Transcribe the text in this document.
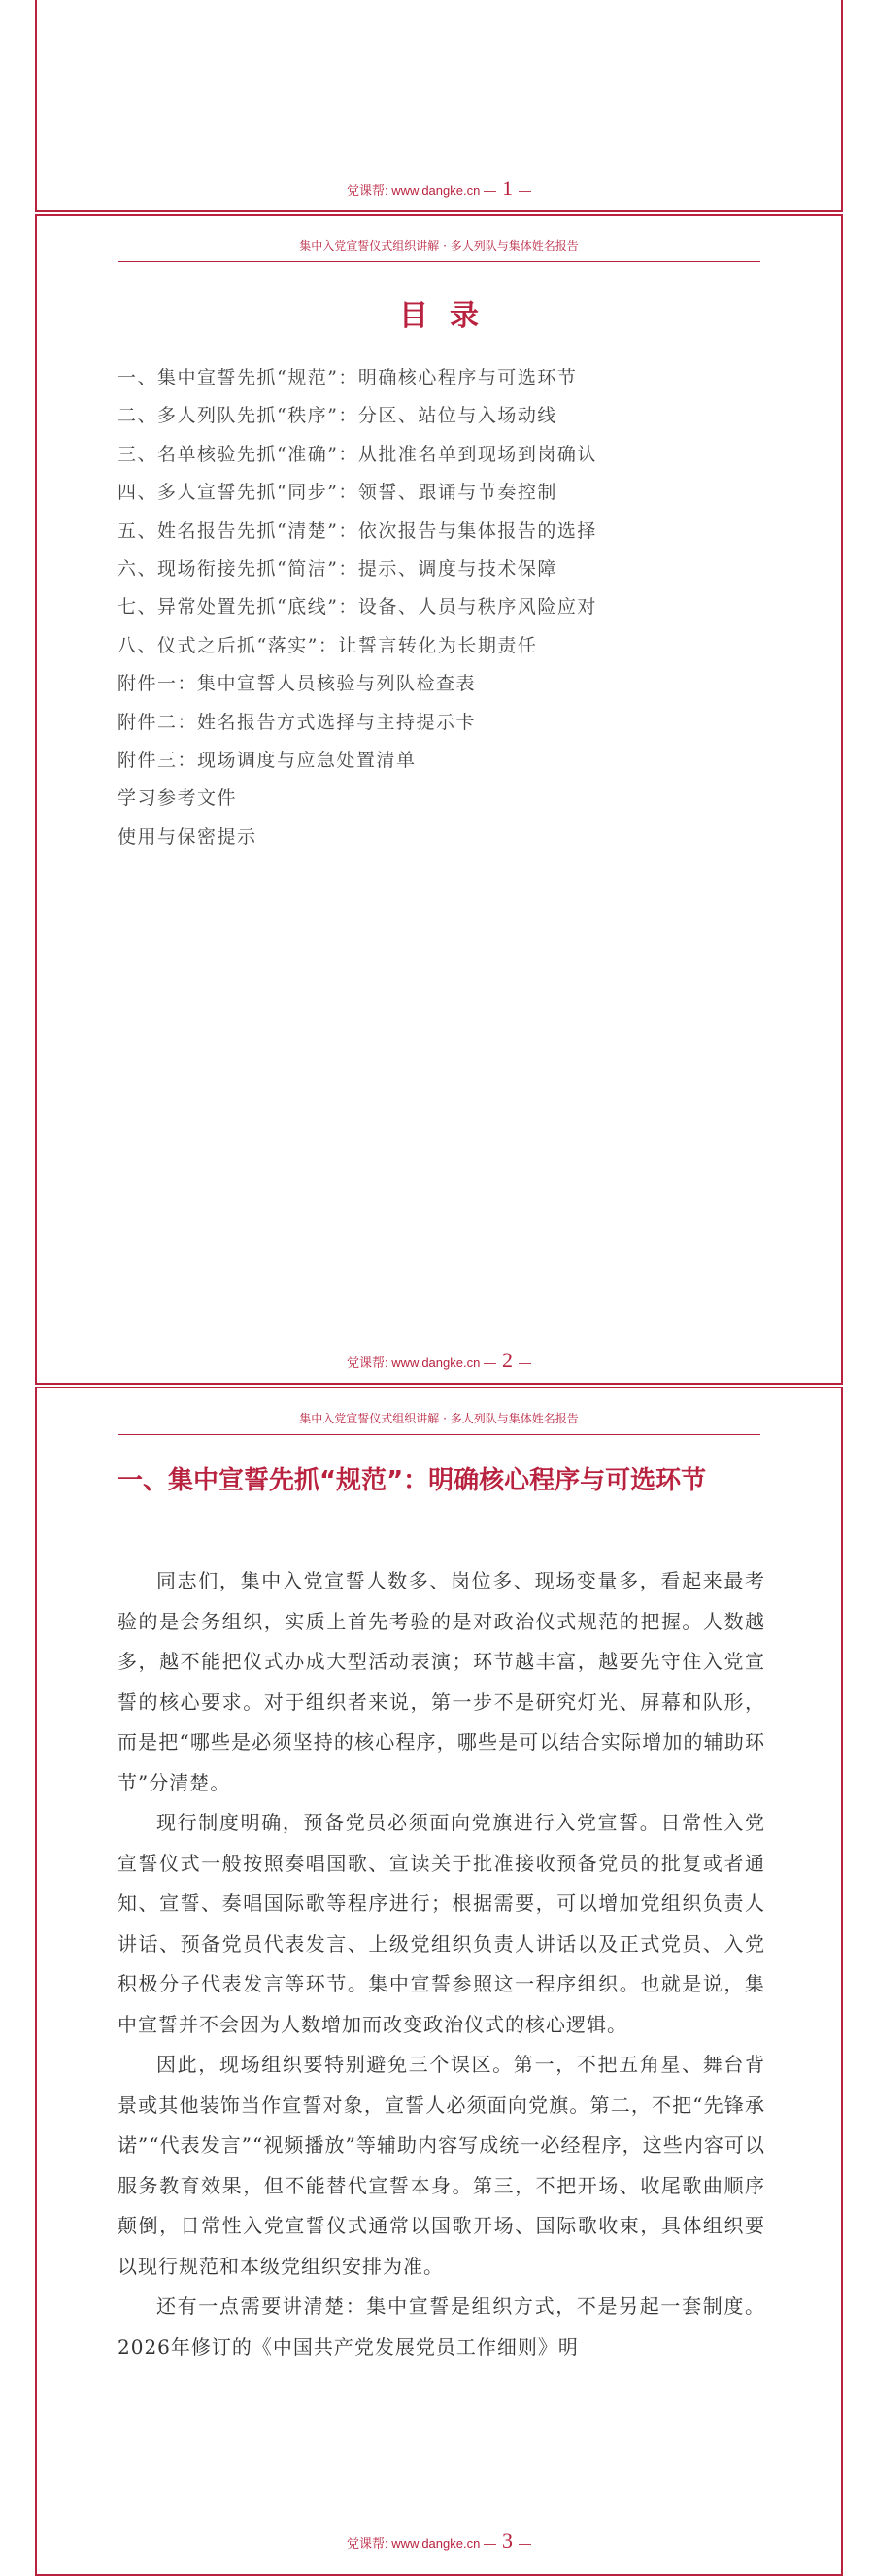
党课帮: www.dangke.cn — 1 —
集中入党宣誓仪式组织讲解 · 多人列队与集体姓名报告
目录
一、集中宣誓先抓“规范”：明确核心程序与可选环节
二、多人列队先抓“秩序”：分区、站位与入场动线
三、名单核验先抓“准确”：从批准名单到现场到岗确认
四、多人宣誓先抓“同步”：领誓、跟诵与节奏控制
五、姓名报告先抓“清楚”：依次报告与集体报告的选择
六、现场衔接先抓“简洁”：提示、调度与技术保障
七、异常处置先抓“底线”：设备、人员与秩序风险应对
八、仪式之后抓“落实”：让誓言转化为长期责任
附件一：集中宣誓人员核验与列队检查表
附件二：姓名报告方式选择与主持提示卡
附件三：现场调度与应急处置清单
学习参考文件
使用与保密提示
党课帮: www.dangke.cn — 2 —
集中入党宣誓仪式组织讲解 · 多人列队与集体姓名报告
一、集中宣誓先抓“规范”：明确核心程序与可选环节

同志们，集中入党宣誓人数多、岗位多、现场变量多，看起来最考验的是会务组织，实质上首先考验的是对政治仪式规范的把握。人数越多，越不能把仪式办成大型活动表演；环节越丰富，越要先守住入党宣誓的核心要求。对于组织者来说，第一步不是研究灯光、屏幕和队形，而是把“哪些是必须坚持的核心程序，哪些是可以结合实际增加的辅助环节”分清楚。

现行制度明确，预备党员必须面向党旗进行入党宣誓。日常性入党宣誓仪式一般按照奏唱国歌、宣读关于批准接收预备党员的批复或者通知、宣誓、奏唱国际歌等程序进行；根据需要，可以增加党组织负责人讲话、预备党员代表发言、上级党组织负责人讲话以及正式党员、入党积极分子代表发言等环节。集中宣誓参照这一程序组织。也就是说，集中宣誓并不会因为人数增加而改变政治仪式的核心逻辑。

因此，现场组织要特别避免三个误区。第一，不把五角星、舞台背景或其他装饰当作宣誓对象，宣誓人必须面向党旗。第二，不把“先锋承诺”“代表发言”“视频播放”等辅助内容写成统一必经程序，这些内容可以服务教育效果，但不能替代宣誓本身。第三，不把开场、收尾歌曲顺序颠倒，日常性入党宣誓仪式通常以国歌开场、国际歌收束，具体组织要以现行规范和本级党组织安排为准。

还有一点需要讲清楚：集中宣誓是组织方式，不是另起一套制度。2026年修订的《中国共产党发展党员工作细则》明

党课帮: www.dangke.cn — 3 —
